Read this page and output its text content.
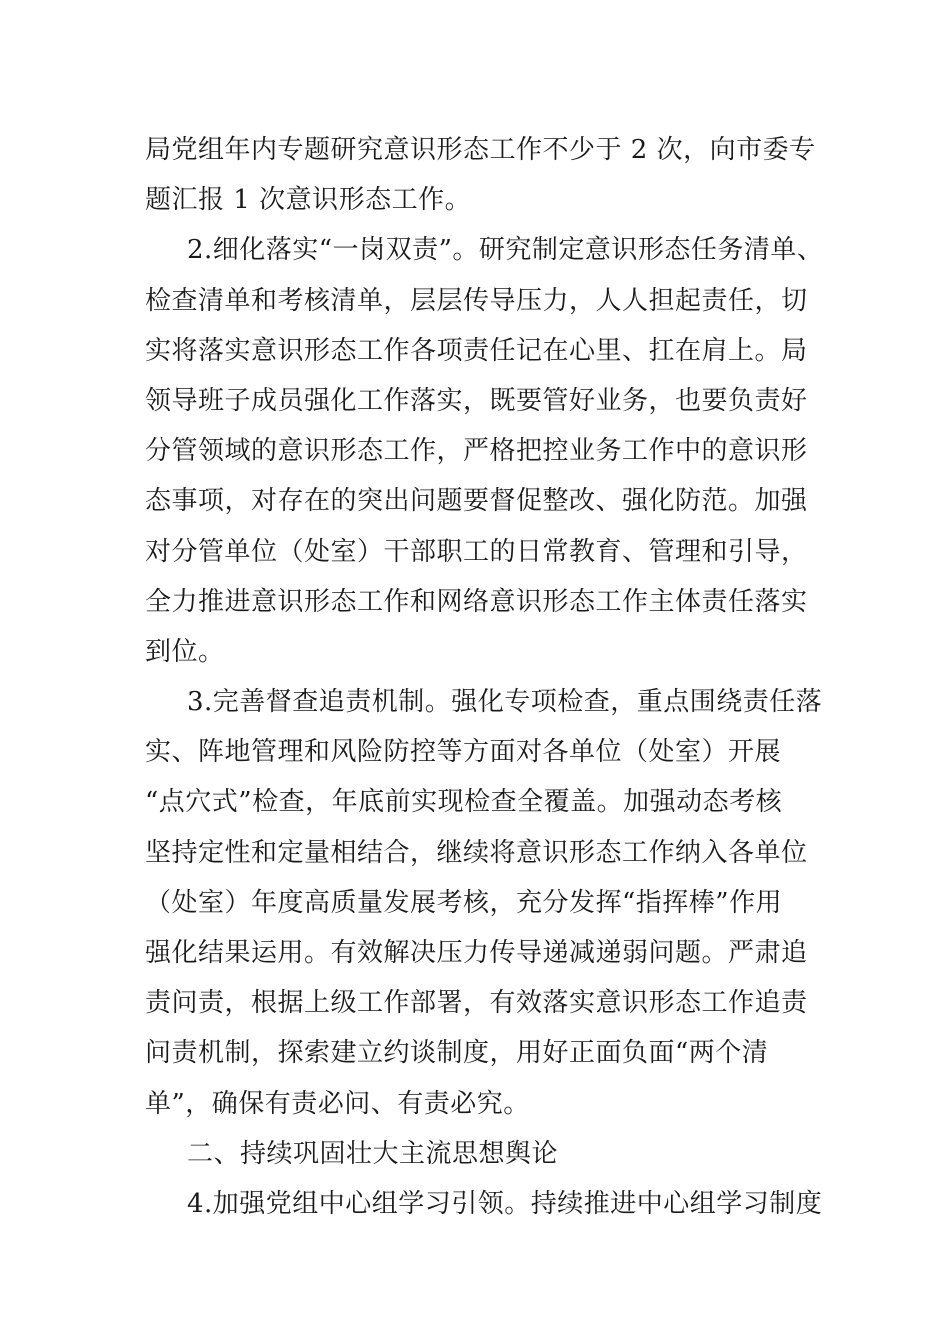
局党组年内专题研究意识形态工作不少于 2 次，向市委专
题汇报 1 次意识形态工作。
2.细化落实“一岗双责”。研究制定意识形态任务清单、
检查清单和考核清单，层层传导压力，人人担起责任，切
实将落实意识形态工作各项责任记在心里、扛在肩上。局
领导班子成员强化工作落实，既要管好业务，也要负责好
分管领域的意识形态工作，严格把控业务工作中的意识形
态事项，对存在的突出问题要督促整改、强化防范。加强
对分管单位（处室）干部职工的日常教育、管理和引导，
全力推进意识形态工作和网络意识形态工作主体责任落实
到位。
3.完善督查追责机制。强化专项检查，重点围绕责任落
实、阵地管理和风险防控等方面对各单位（处室）开展
“点穴式”检查，年底前实现检查全覆盖。加强动态考核
坚持定性和定量相结合，继续将意识形态工作纳入各单位
（处室）年度高质量发展考核，充分发挥“指挥棒”作用
强化结果运用。有效解决压力传导递减递弱问题。严肃追
责问责，根据上级工作部署，有效落实意识形态工作追责
问责机制，探索建立约谈制度，用好正面负面“两个清
单”，确保有责必问、有责必究。
二、持续巩固壮大主流思想舆论
4.加强党组中心组学习引领。持续推进中心组学习制度
